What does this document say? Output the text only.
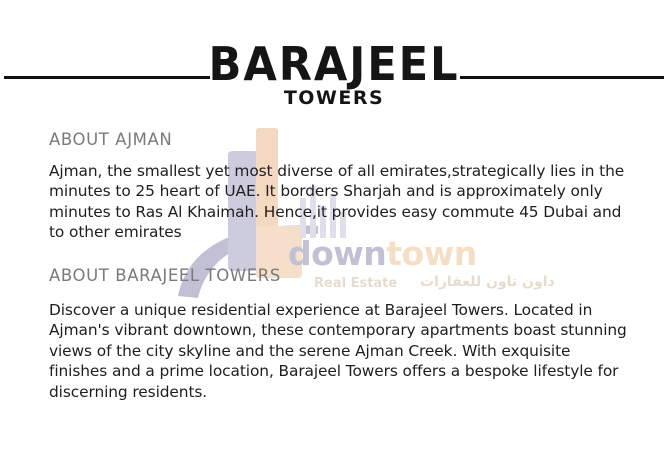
BARAJEEL
TOWERS
downtown
Real Estate داون تاون للعقارات
ABOUT AJMAN
Ajman, the smallest yet most diverse of all emirates,strategically lies in the minutes to 25 heart of UAE. It borders Sharjah and is approximately only minutes to Ras Al Khaimah. Hence,it provides easy commute 45 Dubai and to other emirates
ABOUT BARAJEEL TOWERS
Discover a unique residential experience at Barajeel Towers. Located in Ajman's vibrant downtown, these contemporary apartments boast stunning views of the city skyline and the serene Ajman Creek. With exquisite finishes and a prime location, Barajeel Towers offers a bespoke lifestyle for discerning residents.
